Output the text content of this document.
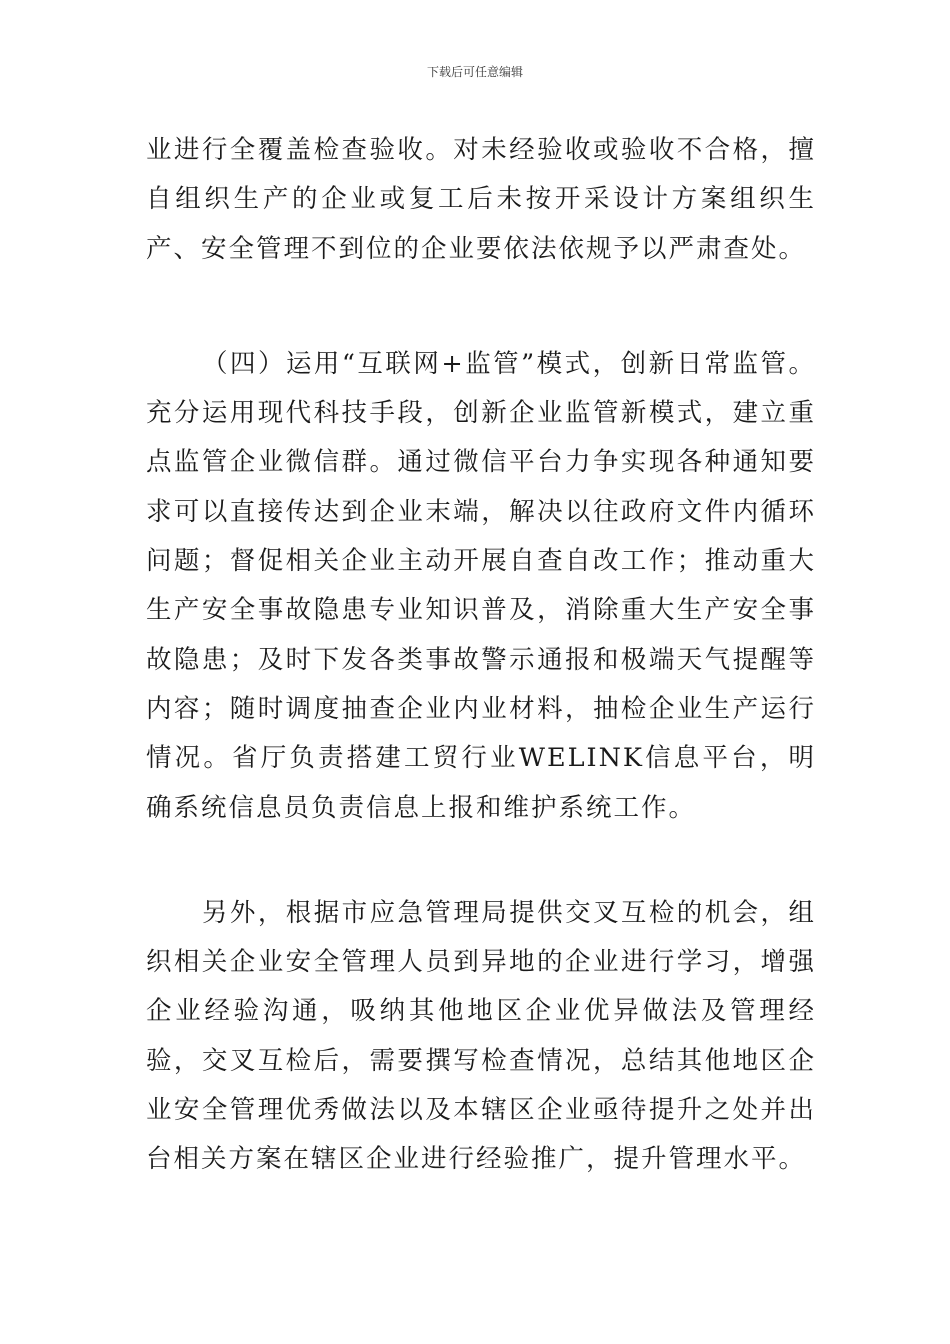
下载后可任意编辑

业进行全覆盖检查验收。对未经验收或验收不合格，擅自组织生产的企业或复工后未按开采设计方案组织生产、安全管理不到位的企业要依法依规予以严肃查处。

（四）运用“互联网+监管”模式，创新日常监管。充分运用现代科技手段，创新企业监管新模式，建立重点监管企业微信群。通过微信平台力争实现各种通知要求可以直接传达到企业末端，解决以往政府文件内循环问题；督促相关企业主动开展自查自改工作；推动重大生产安全事故隐患专业知识普及，消除重大生产安全事故隐患；及时下发各类事故警示通报和极端天气提醒等内容；随时调度抽查企业内业材料，抽检企业生产运行情况。省厅负责搭建工贸行业WELINK信息平台，明确系统信息员负责信息上报和维护系统工作。

另外，根据市应急管理局提供交叉互检的机会，组织相关企业安全管理人员到异地的企业进行学习，增强企业经验沟通，吸纳其他地区企业优异做法及管理经验，交叉互检后，需要撰写检查情况，总结其他地区企业安全管理优秀做法以及本辖区企业亟待提升之处并出台相关方案在辖区企业进行经验推广，提升管理水平。
